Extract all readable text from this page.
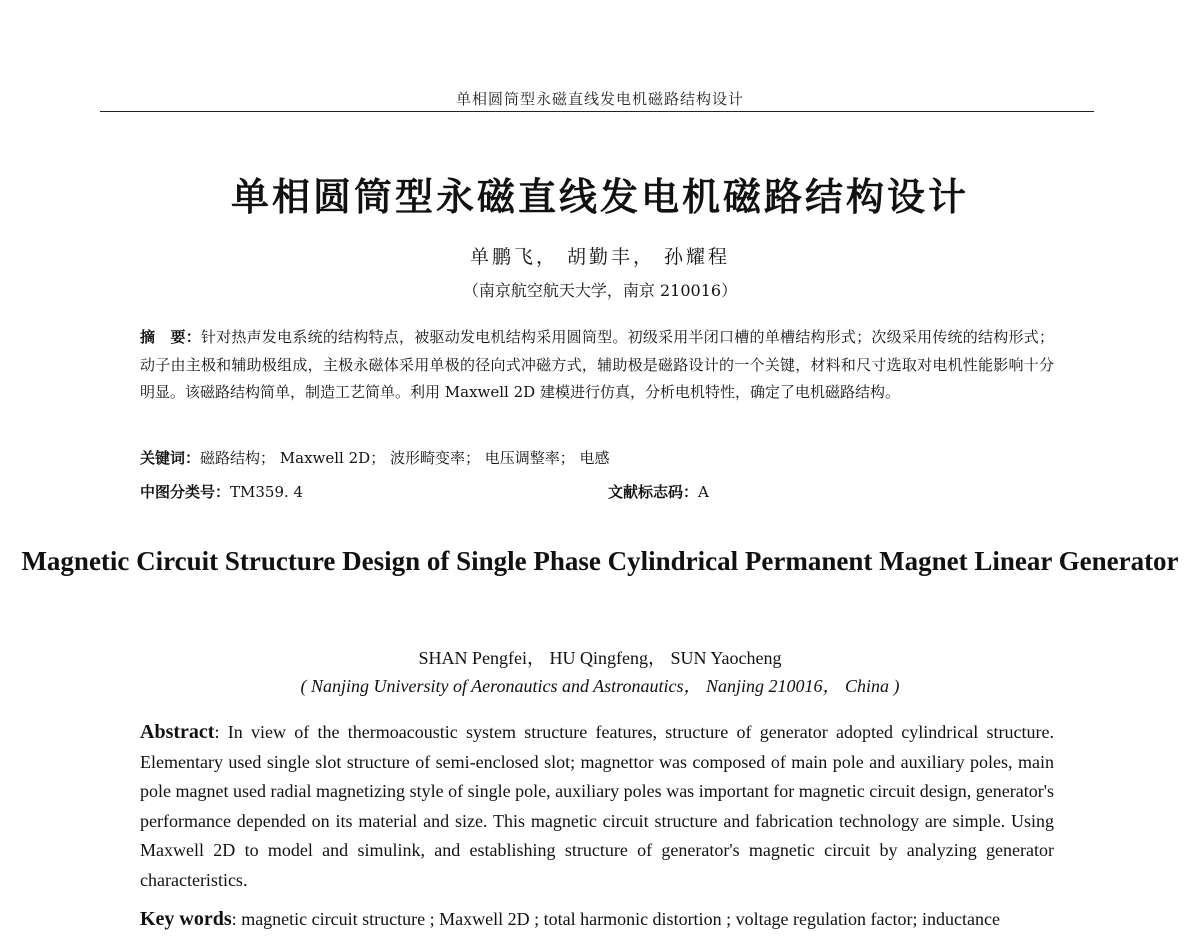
单相圆筒型永磁直线发电机磁路结构设计
单相圆筒型永磁直线发电机磁路结构设计
单鹏飞， 胡勤丰， 孙耀程
（南京航空航天大学，南京 210016）
摘　要：针对热声发电系统的结构特点，被驱动发电机结构采用圆筒型。初级采用半闭口槽的单槽结构形式；次级采用传统的结构形式；动子由主极和辅助极组成，主极永磁体采用单极的径向式冲磁方式，辅助极是磁路设计的一个关键，材料和尺寸选取对电机性能影响十分明显。该磁路结构简单，制造工艺简单。利用 Maxwell 2D 建模进行仿真，分析电机特性，确定了电机磁路结构。
关键词：磁路结构； Maxwell 2D； 波形畸变率； 电压调整率； 电感
中图分类号：TM359. 4	文献标志码：A
Magnetic Circuit Structure Design of Single Phase Cylindrical Permanent Magnet Linear Generator
SHAN Pengfei， HU Qingfeng， SUN Yaocheng
( Nanjing University of Aeronautics and Astronautics， Nanjing 210016， China )
Abstract: In view of the thermoacoustic system structure features, structure of generator adopted cylindrical structure. Elementary used single slot structure of semi-enclosed slot; magnettor was composed of main pole and auxiliary poles, main pole magnet used radial magnetizing style of single pole, auxiliary poles was important for magnetic circuit design, generator's performance depended on its material and size. This magnetic circuit structure and fabrication technology are simple. Using Maxwell 2D to model and simulink, and establishing structure of generator's magnetic circuit by analyzing generator characteristics.
Key words: magnetic circuit structure ; Maxwell 2D ; total harmonic distortion ; voltage regulation factor; inductance
